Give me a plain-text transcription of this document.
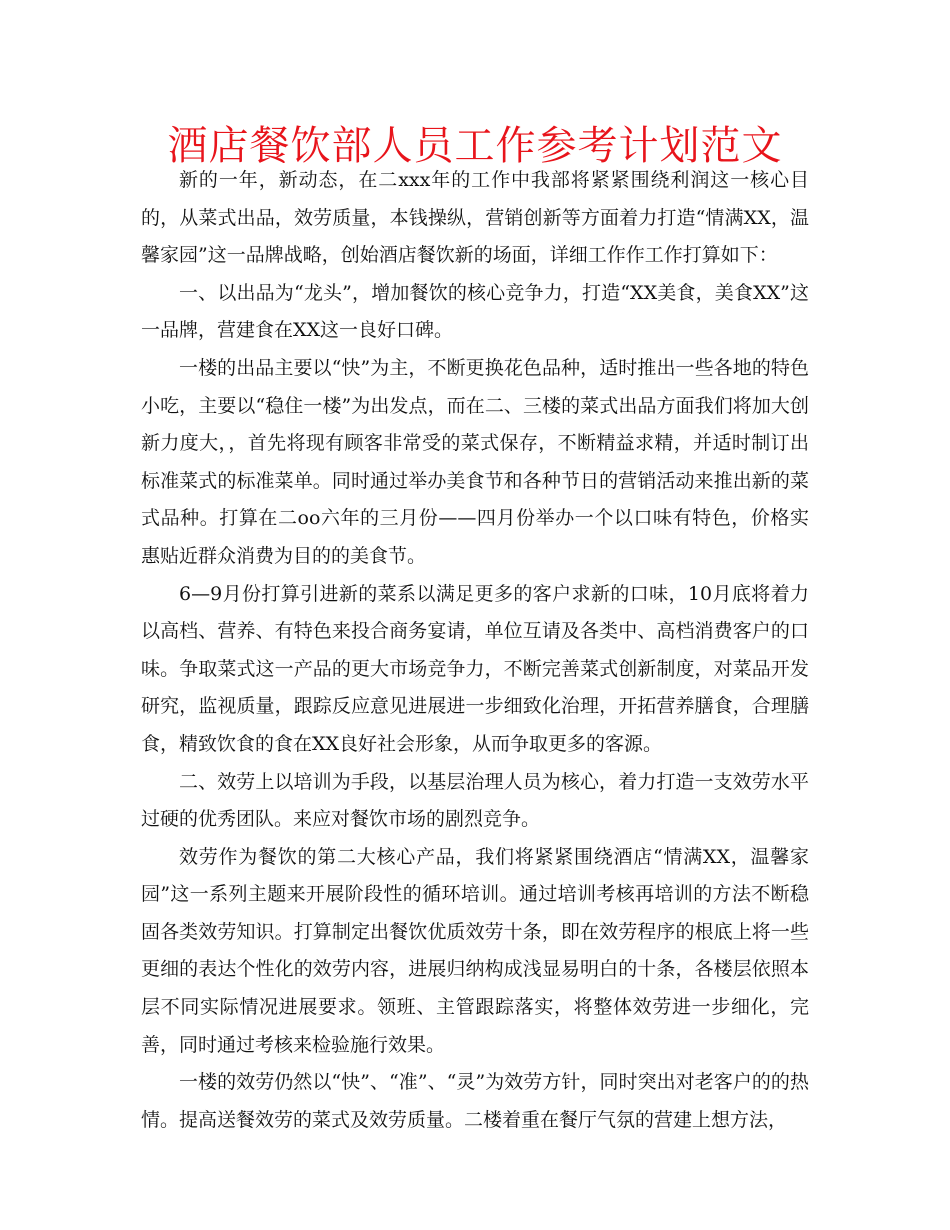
酒店餐饮部人员工作参考计划范文

新的一年，新动态，在二xxx年的工作中我部将紧紧围绕利润这一核心目的，从菜式出品，效劳质量，本钱操纵，营销创新等方面着力打造“情满XX，温馨家园”这一品牌战略，创始酒店餐饮新的场面，详细工作作工作打算如下：

一、以出品为“龙头”，增加餐饮的核心竞争力，打造“XX美食，美食XX”这一品牌，营建食在XX这一良好口碑。

一楼的出品主要以“快”为主，不断更换花色品种，适时推出一些各地的特色小吃，主要以“稳住一楼”为出发点，而在二、三楼的菜式出品方面我们将加大创新力度大，，首先将现有顾客非常受的菜式保存，不断精益求精，并适时制订出标准菜式的标准菜单。同时通过举办美食节和各种节日的营销活动来推出新的菜式品种。打算在二oo六年的三月份——四月份举办一个以口味有特色，价格实惠贴近群众消费为目的的美食节。

6—9月份打算引进新的菜系以满足更多的客户求新的口味，10月底将着力以高档、营养、有特色来投合商务宴请，单位互请及各类中、高档消费客户的口味。争取菜式这一产品的更大市场竞争力，不断完善菜式创新制度，对菜品开发研究，监视质量，跟踪反应意见进展进一步细致化治理，开拓营养膳食，合理膳食，精致饮食的食在XX良好社会形象，从而争取更多的客源。

二、效劳上以培训为手段，以基层治理人员为核心，着力打造一支效劳水平过硬的优秀团队。来应对餐饮市场的剧烈竞争。

效劳作为餐饮的第二大核心产品，我们将紧紧围绕酒店“情满XX，温馨家园”这一系列主题来开展阶段性的循环培训。通过培训考核再培训的方法不断稳固各类效劳知识。打算制定出餐饮优质效劳十条，即在效劳程序的根底上将一些更细的表达个性化的效劳内容，进展归纳构成浅显易明白的十条，各楼层依照本层不同实际情况进展要求。领班、主管跟踪落实，将整体效劳进一步细化，完善，同时通过考核来检验施行效果。

一楼的效劳仍然以“快”、“准”、“灵”为效劳方针，同时突出对老客户的的热情。提高送餐效劳的菜式及效劳质量。二楼着重在餐厅气氛的营建上想方法，
